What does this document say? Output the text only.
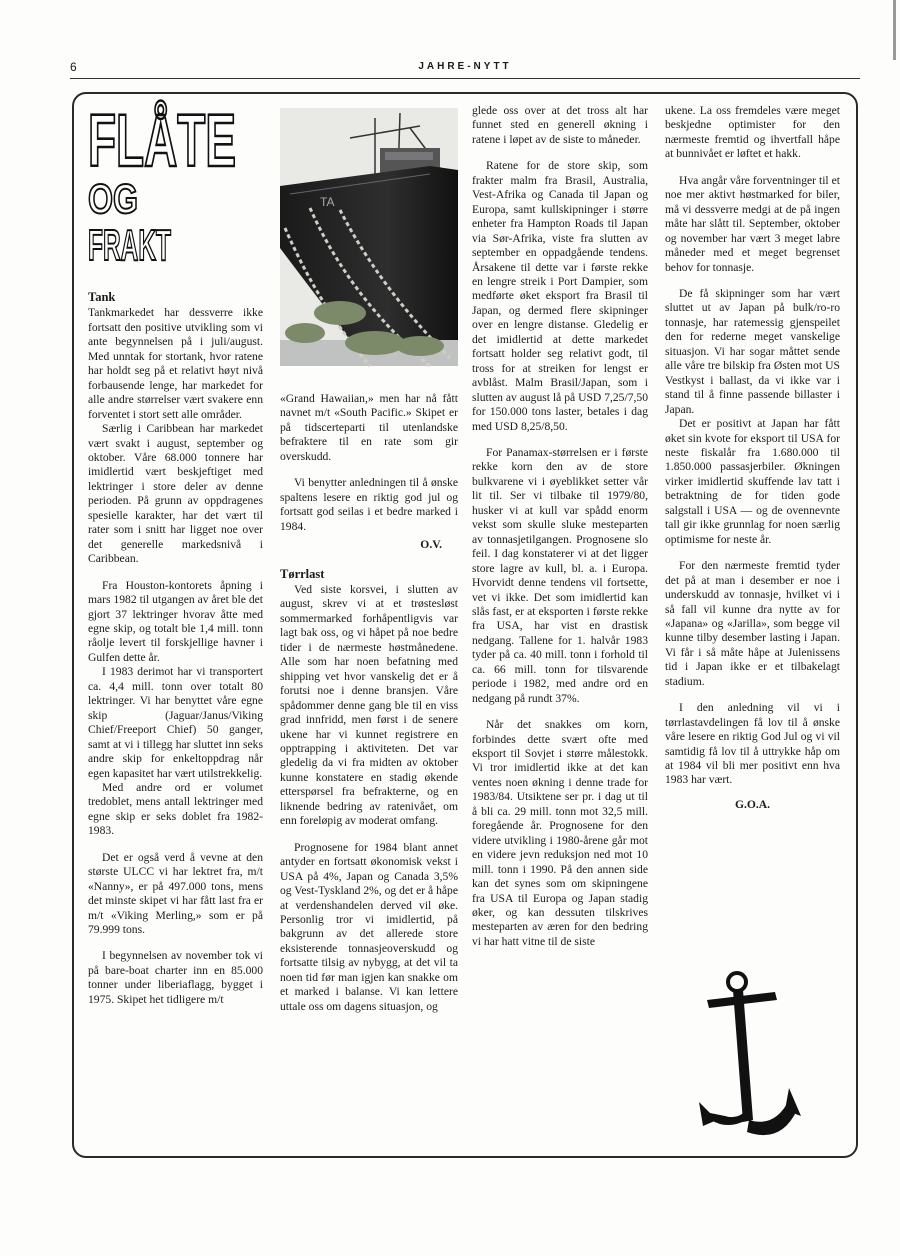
6	JAHRE-NYTT
FLÅTE
OG
FRAKT
TA
Tank

Tankmarkedet har dessverre ikke fortsatt den positive utvikling som vi ante begynnelsen på i juli/august. Med unntak for stortank, hvor ratene har holdt seg på et relativt høyt nivå forbausende lenge, har markedet for alle andre størrelser vært svakere enn forventet i stort sett alle områder.

Særlig i Caribbean har markedet vært svakt i august, september og oktober. Våre 68.000 tonnere har imidlertid vært beskjeftiget med lektringer i store deler av denne perioden. På grunn av oppdragenes spesielle karakter, har det vært til rater som i snitt har ligget noe over det generelle markedsnivå i Caribbean.

Fra Houston-kontorets åpning i mars 1982 til utgangen av året ble det gjort 37 lektringer hvorav åtte med egne skip, og totalt ble 1,4 mill. tonn råolje levert til forskjellige havner i Gulfen dette år.

I 1983 derimot har vi transportert ca. 4,4 mill. tonn over totalt 80 lektringer. Vi har benyttet våre egne skip (Jaguar/Janus/Viking Chief/Freeport Chief) 50 ganger, samt at vi i tillegg har sluttet inn seks andre skip for enkeltoppdrag når egen kapasitet har vært utilstrekkelig.

Med andre ord er volumet tredoblet, mens antall lektringer med egne skip er seks doblet fra 1982-1983.

Det er også verd å vevne at den største ULCC vi har lektret fra, m/t «Nanny», er på 497.000 tons, mens det minste skipet vi har fått last fra er m/t «Viking Merling,» som er på 79.999 tons.

I begynnelsen av november tok vi på bare-boat charter inn en 85.000 tonner under liberiaflagg, bygget i 1975. Skipet het tidligere m/t

«Grand Hawaiian,» men har nå fått navnet m/t «South Pacific.» Skipet er på tidscerteparti til utenlandske befraktere til en rate som gir overskudd.

Vi benytter anledningen til å ønske spaltens lesere en riktig god jul og fortsatt god seilas i et bedre marked i 1984.

O.V.
Tørrlast

Ved siste korsvei, i slutten av august, skrev vi at et trøstesløst sommermarked forhåpentligvis var lagt bak oss, og vi håpet på noe bedre tider i de nærmeste høstmånedene. Alle som har noen befatning med shipping vet hvor vanskelig det er å forutsi noe i denne bransjen. Våre spådommer denne gang ble til en viss grad innfridd, men først i de senere ukene har vi kunnet registrere en opptrapping i aktiviteten. Det var gledelig da vi fra midten av oktober kunne konstatere en stadig økende etterspørsel fra befrakterne, og en liknende bedring av ratenivået, om enn foreløpig av moderat omfang.

Prognosene for 1984 blant annet antyder en fortsatt økonomisk vekst i USA på 4%, Japan og Canada 3,5% og Vest-Tyskland 2%, og det er å håpe at verdenshandelen derved vil øke. Personlig tror vi imidlertid, på bakgrunn av det allerede store eksisterende tonnasjeoverskudd og fortsatte tilsig av nybygg, at det vil ta noen tid før man igjen kan snakke om et marked i balanse. Vi kan lettere uttale oss om dagens situasjon, og

glede oss over at det tross alt har funnet sted en generell økning i ratene i løpet av de siste to måneder.

Ratene for de store skip, som frakter malm fra Brasil, Australia, Vest-Afrika og Canada til Japan og Europa, samt kullskipninger i større enheter fra Hampton Roads til Japan via Sør-Afrika, viste fra slutten av september en oppadgående tendens. Årsakene til dette var i første rekke en lengre streik i Port Dampier, som medførte øket eksport fra Brasil til Japan, og dermed flere skipninger over en lengre distanse. Gledelig er det imidlertid at dette markedet fortsatt holder seg relativt godt, til tross for at streiken for lengst er avblåst. Malm Brasil/Japan, som i slutten av august lå på USD 7,25/7,50 for 150.000 tons laster, betales i dag med USD 8,25/8,50.

For Panamax-størrelsen er i første rekke korn den av de store bulkvarene vi i øyeblikket setter vår lit til. Ser vi tilbake til 1979/80, husker vi at kull var spådd enorm vekst som skulle sluke mesteparten av tonnasjetilgangen. Prognosene slo feil. I dag konstaterer vi at det ligger store lagre av kull, bl. a. i Europa. Hvorvidt denne tendens vil fortsette, vet vi ikke. Det som imidlertid kan slås fast, er at eksporten i første rekke fra USA, har vist en drastisk nedgang. Tallene for 1. halvår 1983 tyder på ca. 40 mill. tonn i forhold til ca. 66 mill. tonn for tilsvarende periode i 1982, med andre ord en nedgang på rundt 37%.

Når det snakkes om korn, forbindes dette svært ofte med eksport til Sovjet i større målestokk. Vi tror imidlertid ikke at det kan ventes noen økning i denne trade for 1983/84. Utsiktene ser pr. i dag ut til å bli ca. 29 mill. tonn mot 32,5 mill. foregående år. Prognosene for den videre utvikling i 1980-årene går mot en videre jevn reduksjon ned mot 10 mill. tonn i 1990. På den annen side kan det synes som om skipningene fra USA til Europa og Japan stadig øker, og kan dessuten tilskrives mesteparten av æren for den bedring vi har hatt vitne til de siste

ukene. La oss fremdeles være meget beskjedne optimister for den nærmeste fremtid og ihvertfall håpe at bunnivået er løftet et hakk.

Hva angår våre forventninger til et noe mer aktivt høstmarked for biler, må vi dessverre medgi at de på ingen måte har slått til. September, oktober og november har vært 3 meget labre måneder med et meget begrenset behov for tonnasje.

De få skipninger som har vært sluttet ut av Japan på bulk/ro-ro tonnasje, har ratemessig gjenspeilet den for rederne meget vanskelige situasjon. Vi har sogar måttet sende alle våre tre bilskip fra Østen mot US Vestkyst i ballast, da vi ikke var i stand til å finne passende billaster i Japan.

Det er positivt at Japan har fått øket sin kvote for eksport til USA for neste fiskalår fra 1.680.000 til 1.850.000 passasjerbiler. Økningen virker imidlertid skuffende lav tatt i betraktning de for tiden gode salgstall i USA — og de ovennevnte tall gir ikke grunnlag for noen særlig optimisme for neste år.

For den nærmeste fremtid tyder det på at man i desember er noe i underskudd av tonnasje, hvilket vi i så fall vil kunne dra nytte av for «Japana» og «Jarilla», som begge vil kunne tilby desember lasting i Japan. Vi får i så måte håpe at Julenissens tid i Japan ikke er et tilbakelagt stadium.

I den anledning vil vi i tørrlastavdelingen få lov til å ønske våre lesere en riktig God Jul og vi vil samtidig få lov til å uttrykke håp om at 1984 vil bli mer positivt enn hva 1983 har vært.

G.O.A.
